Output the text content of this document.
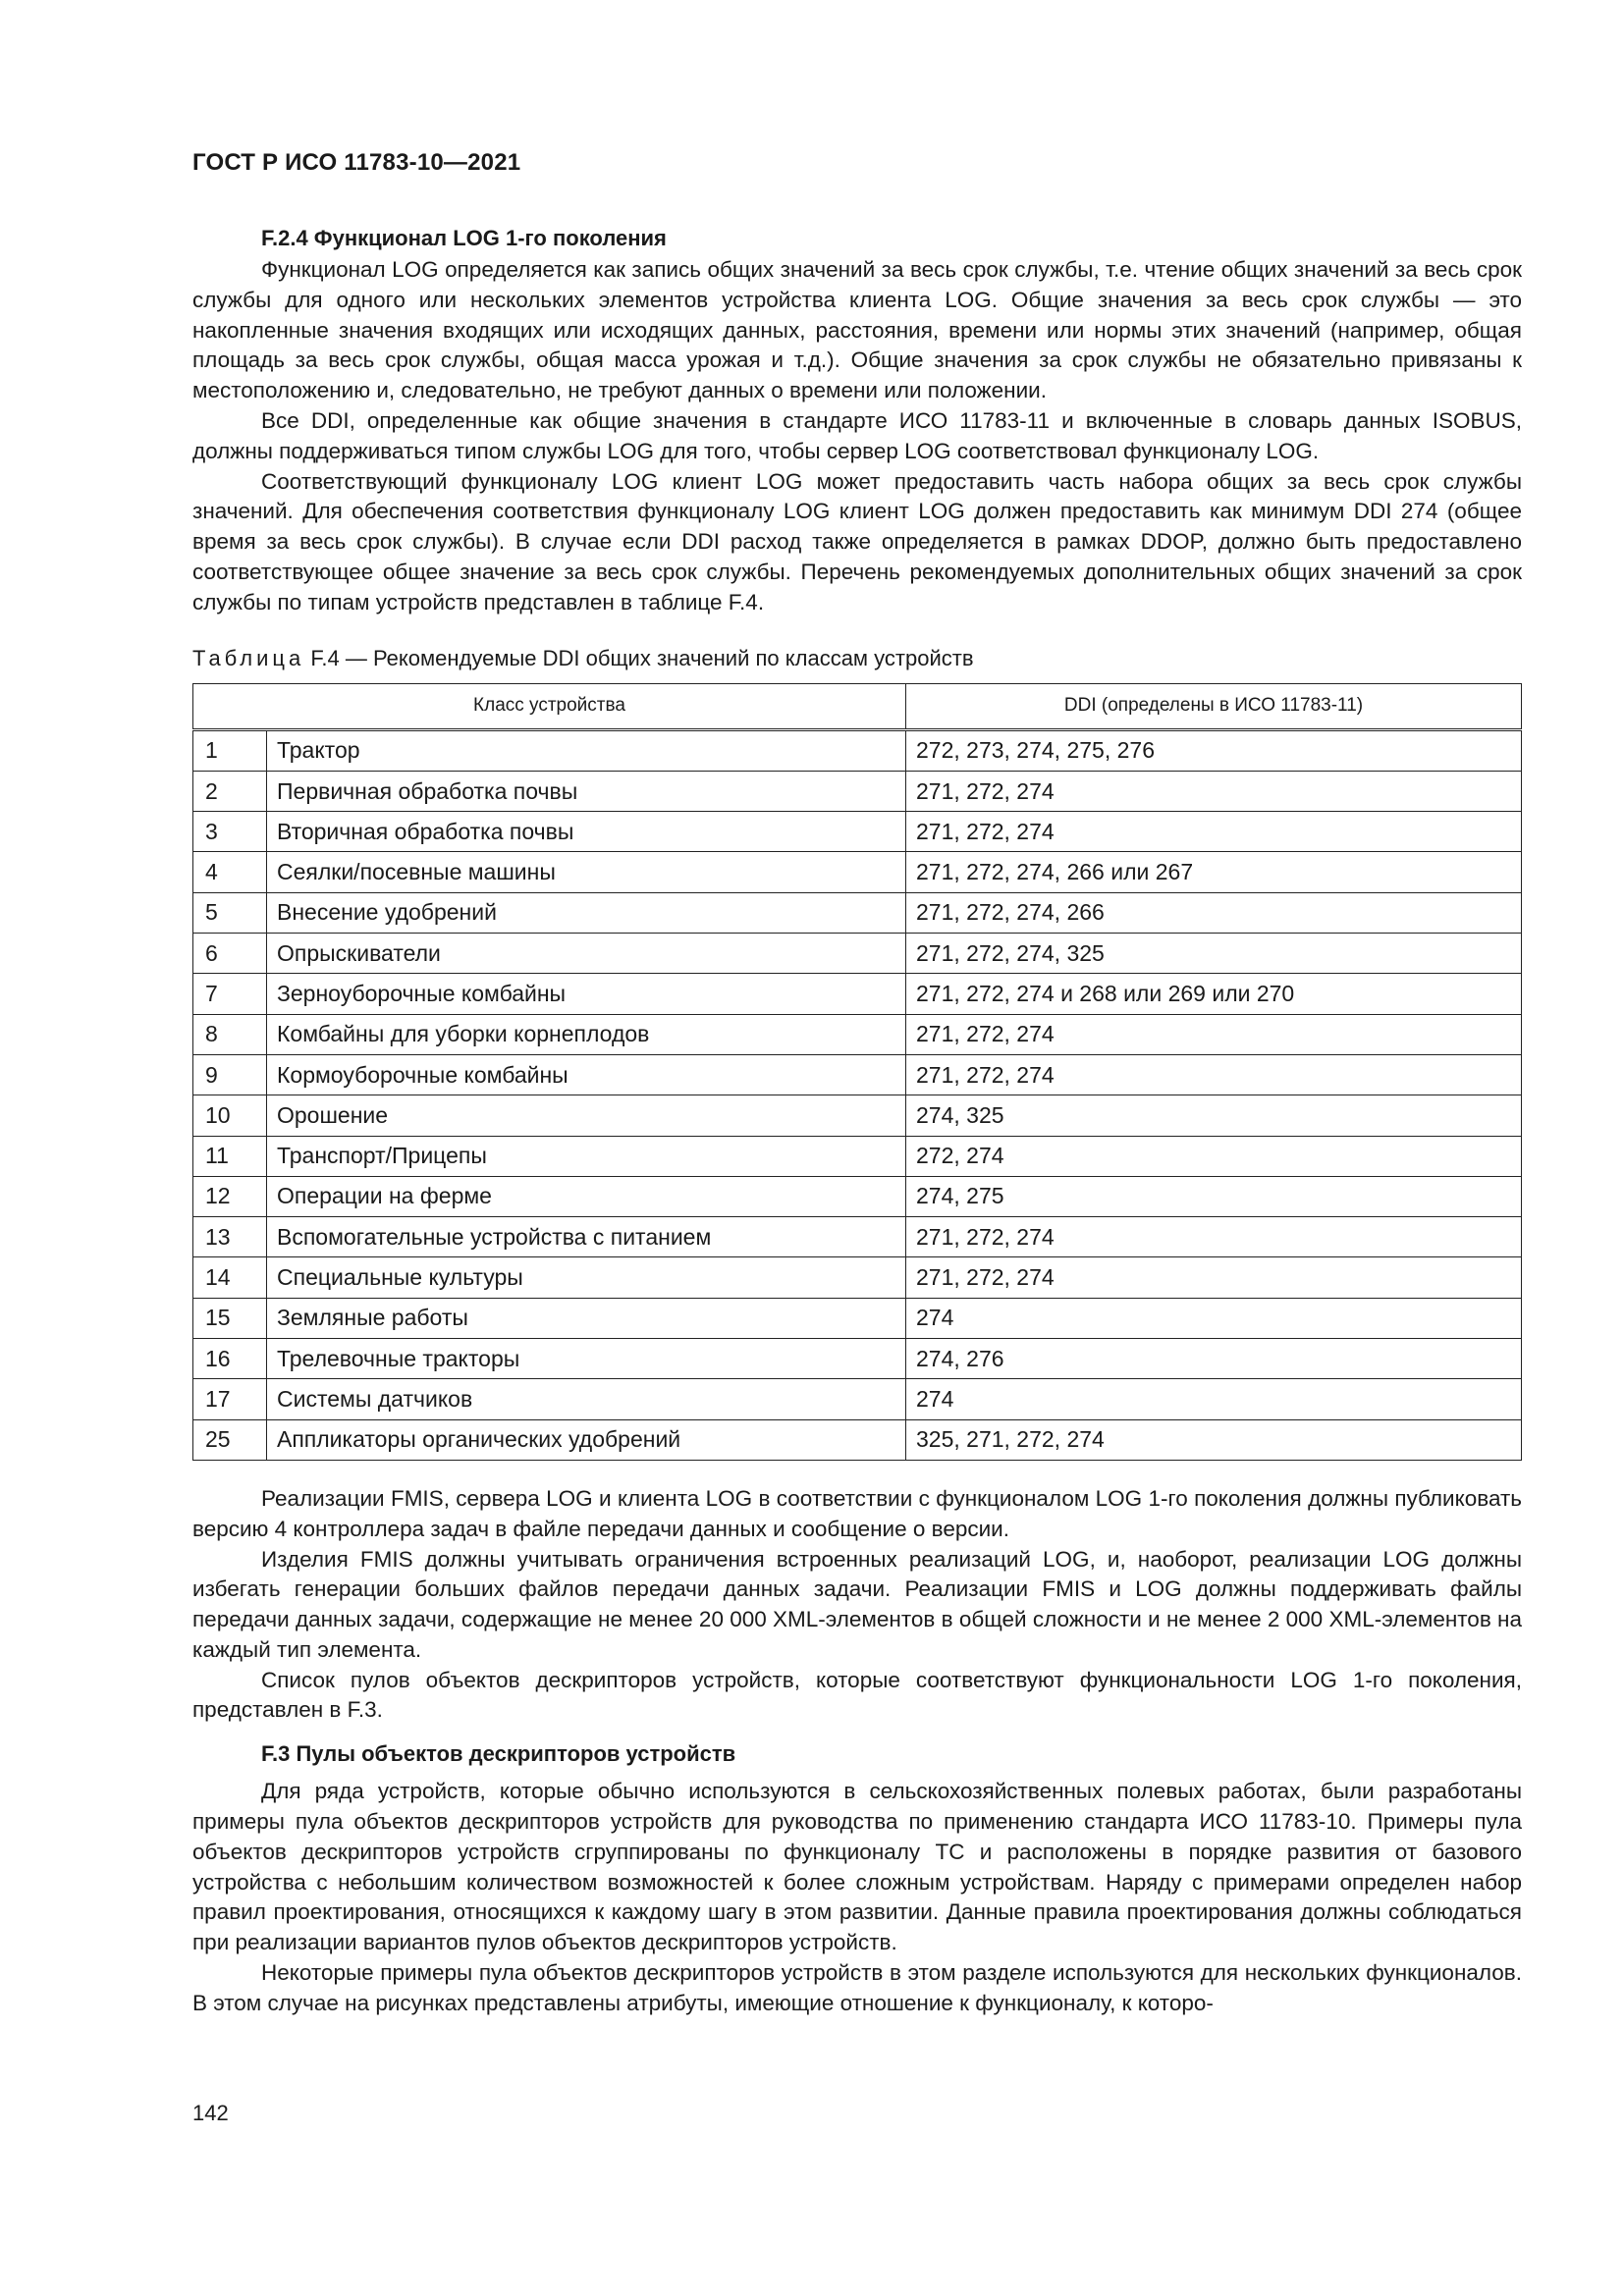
ГОСТ Р ИСО 11783-10—2021
F.2.4 Функционал LOG 1-го поколения

Функционал LOG определяется как запись общих значений за весь срок службы, т.е. чтение общих значений за весь срок службы для одного или нескольких элементов устройства клиента LOG. Общие значения за весь срок службы — это накопленные значения входящих или исходящих данных, расстояния, времени или нормы этих значений (например, общая площадь за весь срок службы, общая масса урожая и т.д.). Общие значения за срок службы не обязательно привязаны к местоположению и, следовательно, не требуют данных о времени или положении.

Все DDI, определенные как общие значения в стандарте ИСО 11783-11 и включенные в словарь данных ISOBUS, должны поддерживаться типом службы LOG для того, чтобы сервер LOG соответствовал функционалу LOG.

Соответствующий функционалу LOG клиент LOG может предоставить часть набора общих за весь срок службы значений. Для обеспечения соответствия функционалу LOG клиент LOG должен предоставить как минимум DDI 274 (общее время за весь срок службы). В случае если DDI расход также определяется в рамках DDOP, должно быть предоставлено соответствующее общее значение за весь срок службы. Перечень рекомендуемых дополнительных общих значений за срок службы по типам устройств представлен в таблице F.4.

Таблица F.4 — Рекомендуемые DDI общих значений по классам устройств
Класс устройства		DDI (определены в ИСО 11783-11)
1	Трактор	272, 273, 274, 275, 276
2	Первичная обработка почвы	271, 272, 274
3	Вторичная обработка почвы	271, 272, 274
4	Сеялки/посевные машины	271, 272, 274, 266 или 267
5	Внесение удобрений	271, 272, 274, 266
6	Опрыскиватели	271, 272, 274, 325
7	Зерноуборочные комбайны	271, 272, 274 и 268 или 269 или 270
8	Комбайны для уборки корнеплодов	271, 272, 274
9	Кормоуборочные комбайны	271, 272, 274
10	Орошение	274, 325
11	Транспорт/Прицепы	272, 274
12	Операции на ферме	274, 275
13	Вспомогательные устройства с питанием	271, 272, 274
14	Специальные культуры	271, 272, 274
15	Земляные работы	274
16	Трелевочные тракторы	274, 276
17	Системы датчиков	274
25	Аппликаторы органических удобрений	325, 271, 272, 274

Реализации FMIS, сервера LOG и клиента LOG в соответствии с функционалом LOG 1-го поколения должны публиковать версию 4 контроллера задач в файле передачи данных и сообщение о версии.

Изделия FMIS должны учитывать ограничения встроенных реализаций LOG, и, наоборот, реализации LOG должны избегать генерации больших файлов передачи данных задачи. Реализации FMIS и LOG должны поддерживать файлы передачи данных задачи, содержащие не менее 20 000 XML-элементов в общей сложности и не менее 2 000 XML-элементов на каждый тип элемента.

Список пулов объектов дескрипторов устройств, которые соответствуют функциональности LOG 1-го поколения, представлен в F.3.

F.3 Пулы объектов дескрипторов устройств

Для ряда устройств, которые обычно используются в сельскохозяйственных полевых работах, были разработаны примеры пула объектов дескрипторов устройств для руководства по применению стандарта ИСО 11783-10. Примеры пула объектов дескрипторов устройств сгруппированы по функционалу TC и расположены в порядке развития от базового устройства с небольшим количеством возможностей к более сложным устройствам. Наряду с примерами определен набор правил проектирования, относящихся к каждому шагу в этом развитии. Данные правила проектирования должны соблюдаться при реализации вариантов пулов объектов дескрипторов устройств.

Некоторые примеры пула объектов дескрипторов устройств в этом разделе используются для нескольких функционалов. В этом случае на рисунках представлены атрибуты, имеющие отношение к функционалу, к которо-

142
